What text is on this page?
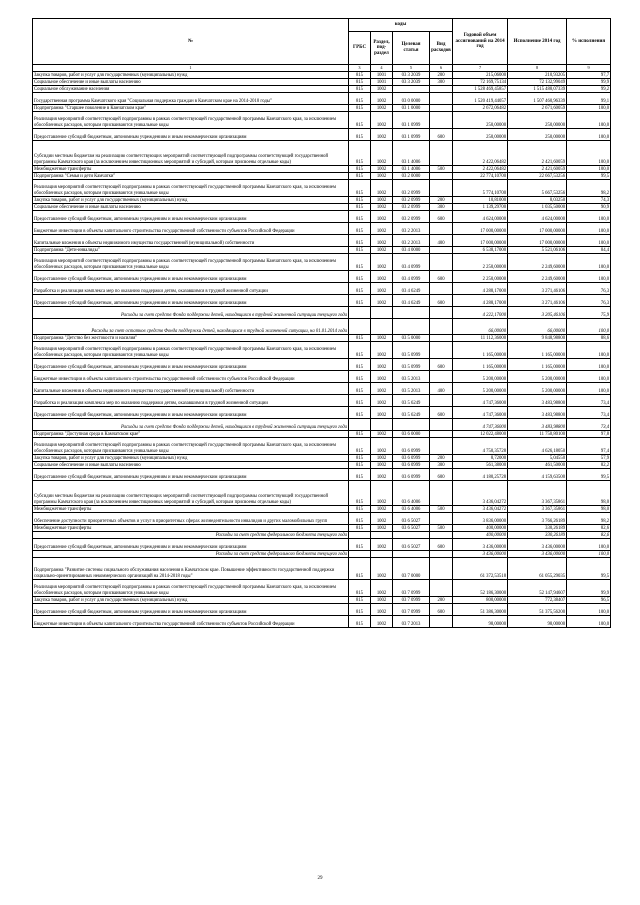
№	коды				Годовой объем ассигнований на 2014 год	Исполнение 2014 год	% исполнения
	ГРБС	Раздел, под- раздел	Целевая статья	Вид расходов			
1	3	4	5	6	7	8	9
Закупка товаров, работ и услуг для государственных (муниципальных) нужд	815	1001	03 3 2039	200	215,06000	210,93205	97,7
Социальное обеспечение и иные выплаты населению	815	1001	03 3 2039	300	72 169,75134	72 132,99049	99,9
Социальное обслуживание населения	815	1002			1 528 469,45857	1 515 488,07339	99,2
Государственная программа Камчатского края "Социальная поддержка граждан в Камчатском крае на 2014-2018 годы"	815	1002	03 0 0000		1 520 419,44057	1 507 460,96339	99,1
Подпрограмма "Старшее поколение в Камчатском крае"	815	1002	03 1 0000		2 672,06482	2 671,60059	100,0
Реализация мероприятий соответствующей подпрограммы в рамках соответствующей государственной программы Камчатского края, за исключением обособленных расходов, которым присваиваются уникальные коды	815	1002	03 1 0999		250,00000	250,00000	100,0
Предоставление субсидий бюджетным, автономным учреждениям и иным некоммерческим организациям	815	1002	03 1 0999	600	250,00000	250,00000	100,0
Субсидии местным бюджетам на реализацию соответствующих мероприятий соответствующей подпрограммы соответствующей государственной программы Камчатского края (за исключением инвестиционных мероприятий и субсидий, которым присвоены отдельные коды)	815	1002	03 1 4006		2 422,06482	2 421,60059	100,0
Межбюджетные трансферты	815	1002	03 1 4006	500	2 422,06482	2 421,60059	100,0
Подпрограмма "Семья и дети Камчатки"	815	1002	03 2 0000		22 774,10700	22 667,53256	99,5
Реализация мероприятий соответствующей подпрограммы в рамках соответствующей государственной программы Камчатского края, за исключением обособленных расходов, которым присваиваются уникальные коды	815	1002	03 2 0999		5 774,10700	5 667,53256	98,2
Закупка товаров, работ и услуг для государственных (муниципальных) нужд	815	1002	03 2 0999	200	10,81000	8,03250	74,3
Социальное обеспечение и иные выплаты населению	815	1002	03 2 0999	300	1 139,29700	1 035,50000	90,9
Предоставление субсидий бюджетным, автономным учреждениям и иным некоммерческим организациям	815	1002	03 2 0999	600	4 624,00000	4 624,00000	100,0
Бюджетные инвестиции в объекты капитального строительства государственной собственности субъектов Российской Федерации	815	1002	03 2 2013		17 000,00000	17 000,00000	100,0
Капитальные вложения в объекты недвижимого имущества государственной (муниципальной) собственности	815	1002	03 2 2013	400	17 000,00000	17 000,00000	100,0
Подпрограмма "Дети-инвалиды"	815	1002	03 4 0000		6 538,17000	5 521,06106	84,4
Реализация мероприятий соответствующей подпрограммы в рамках соответствующей государственной программы Камчатского края, за исключением обособленных расходов, которым присваиваются уникальные коды	815	1002	03 4 0999		2 250,00000	2 249,60000	100,0
Предоставление субсидий бюджетным, автономным учреждениям и иным некоммерческим организациям	815	1002	03 4 0999	600	2 250,00000	2 249,60000	100,0
Разработка и реализация комплекса мер по оказанию поддержки детям, оказавшимся в трудной жизненной ситуации	815	1002	03 4 6249		4 288,17000	3 271,46106	76,3
Предоставление субсидий бюджетным, автономным учреждениям и иным некоммерческим организациям	815	1002	03 4 6249	600	4 288,17000	3 271,46106	76,3
Расходы за счет средств Фонда поддержки детей, находящихся в трудной жизненной ситуации текущего года					4 222,17000	3 205,46106	75,9
Расходы за счет остатков средств Фонда поддержки детей, находящихся в трудной жизненной ситуации, на 01.01.2014 года					66,00000	66,00000	100,0
Подпрограмма "Детство без жестокости и насилия"	815	1002	03 5 0000		11 112,36000	9 848,98800	88,6
Реализация мероприятий соответствующей подпрограммы в рамках соответствующей государственной программы Камчатского края, за исключением обособленных расходов, которым присваиваются уникальные коды	815	1002	03 5 0999		1 165,00000	1 165,00000	100,0
Предоставление субсидий бюджетным, автономным учреждениям и иным некоммерческим организациям	815	1002	03 5 0999	600	1 165,00000	1 165,00000	100,0
Бюджетные инвестиции в объекты капитального строительства государственной собственности субъектов Российской Федерации	815	1002	03 5 2013		5 200,00000	5 200,00000	100,0
Капитальные вложения в объекты недвижимого имущества государственной (муниципальной) собственности	815	1002	03 5 2013	400	5 200,00000	5 200,00000	100,0
Разработка и реализация комплекса мер по оказанию поддержки детям, оказавшимся в трудной жизненной ситуации	815	1002	03 5 6249		4 747,36000	3 483,98800	73,4
Предоставление субсидий бюджетным, автономным учреждениям и иным некоммерческим организациям	815	1002	03 5 6249	600	4 747,36000	3 483,98800	73,4
Расходы за счет средств Фонда поддержки детей, находящихся в трудной жизненной ситуации текущего года					4 747,36000	3 483,98800	73,4
Подпрограмма "Доступная среда в Камчатском крае"	815	1002	03 6 0000		12 022,48000	11 750,80100	97,8
Реализация мероприятий соответствующей подпрограммы в рамках соответствующей государственной программы Камчатского края, за исключением обособленных расходов, которым присваиваются уникальные коды	815	1002	03 6 0999		4 750,35728	4 626,18050	97,4
Закупка товаров, работ и услуг для государственных (муниципальных) нужд	815	1002	03 6 0999	200	8,72000	5,04550	57,9
Социальное обеспечение и иные выплаты населению	815	1002	03 6 0999	300	561,38000	461,50000	82,2
Предоставление субсидий бюджетным, автономным учреждениям и иным некоммерческим организациям	815	1002	03 6 0999	600	4 180,25728	4 159,63500	99,5
Субсидии местным бюджетам на реализацию соответствующих мероприятий соответствующей подпрограммы соответствующей государственной программы Камчатского края (за исключением инвестиционных мероприятий и субсидий, которым присвоены отдельные коды)	815	1002	03 6 4006		3 436,04272	3 367,35861	98,0
Межбюджетные трансферты	815	1002	03 6 4006	500	3 436,04272	3 367,35861	98,0
Обеспечение доступности приоритетных объектов и услуг в приоритетных сферах жизнедеятельности инвалидов и других маломобильных групп	815	1002	03 6 5027		3 836,00000	3 766,26189	98,2
Межбюджетные трансферты	815	1002	03 6 5027	500	400,00000	330,26189	82,6
Расходы за счет средств федерального бюджета текущего года					400,00000	330,26189	82,6
Предоставление субсидий бюджетным, автономным учреждениям и иным некоммерческим организациям	815	1002	03 6 5027	600	3 436,00000	3 436,00000	100,0
Расходы за счет средств федерального бюджета текущего года					3 436,00000	3 436,00000	100,0
Подпрограмма "Развитие системы социального обслуживания населения в Камчатском крае. Повышение эффективности государственной поддержки социально-ориентированных некоммерческих организаций на 2014-2018 годы"	815	1002	03 7 0000		61 372,53518	61 055,29035	99,5
Реализация мероприятий соответствующей подпрограммы в рамках соответствующей государственной программы Камчатского края, за исключением обособленных расходов, которым присваиваются уникальные коды	815	1002	03 7 0999		52 186,30000	52 147,94607	99,9
Закупка товаров, работ и услуг для государственных (муниципальных) нужд	815	1002	03 7 0999	200	800,00000	772,38407	96,5
Предоставление субсидий бюджетным, автономным учреждениям и иным некоммерческим организациям	815	1002	03 7 0999	600	51 386,30000	51 375,56200	100,0
Бюджетные инвестиции в объекты капитального строительства государственной собственности субъектов Российской Федерации	815	1002	03 7 2013		98,00000	98,00000	100,0
29
